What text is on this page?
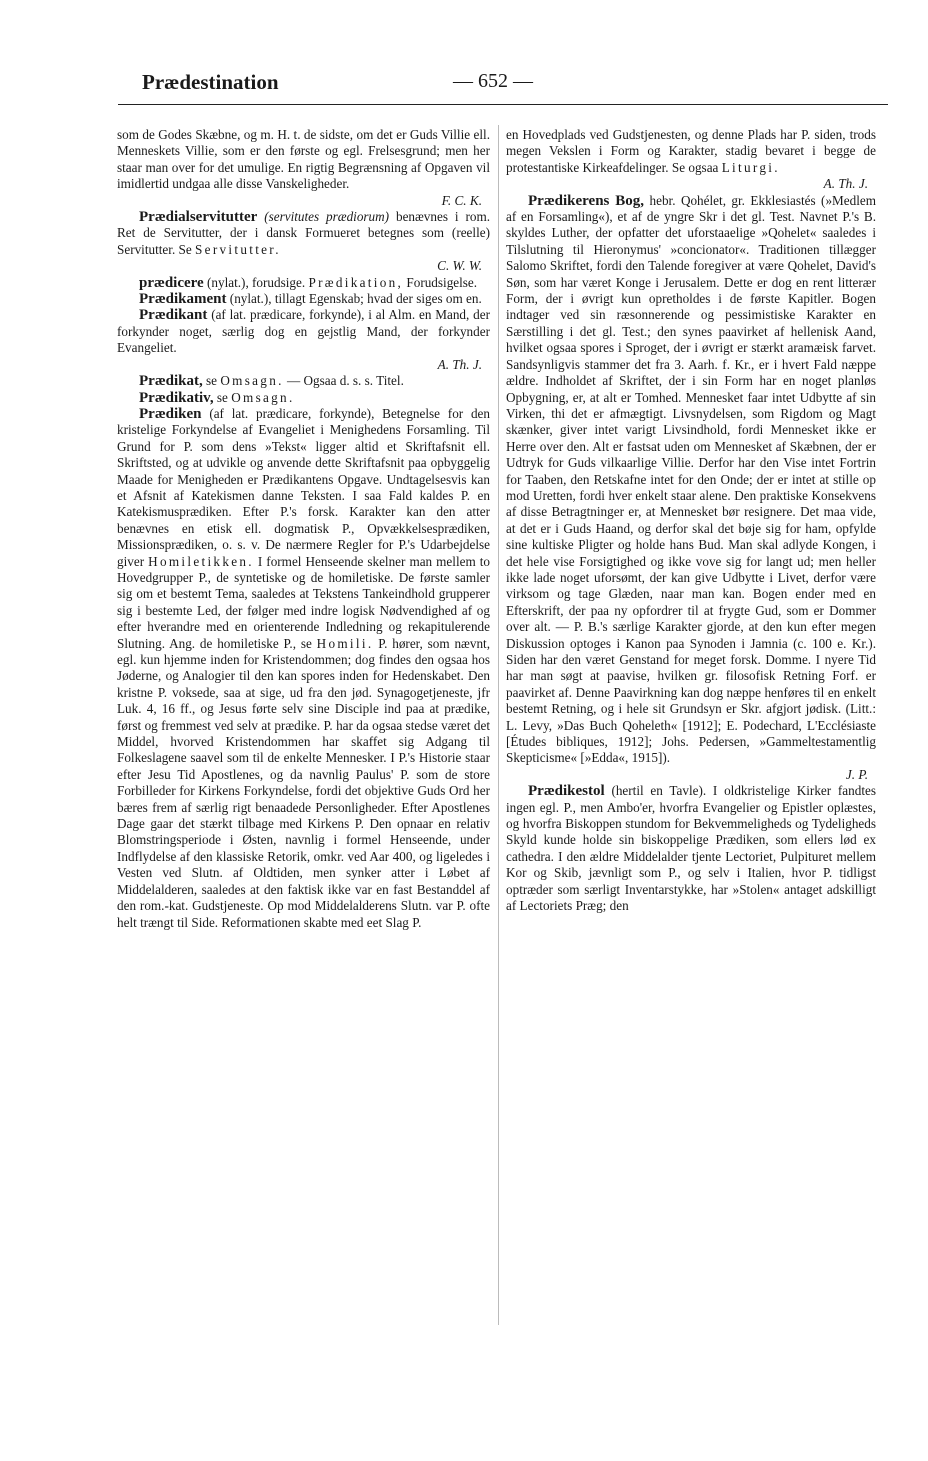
Prædestination	— 652 —

som de Godes Skæbne, og m. H. t. de sidste, om det er Guds Villie ell. Menneskets Villie, som er den første og egl. Frelsesgrund; men her staar man over for det umulige. En rigtig Begrænsning af Opgaven vil imidlertid undgaa alle disse Vanskeligheder.
F. C. K.

Prædialservitutter (servitutes prædiorum) benævnes i rom. Ret de Servitutter, der i dansk Formueret betegnes som (reelle) Servitutter. Se Servitutter.
C. W. W.

prædicere (nylat.), forudsige. Prædikation, Forudsigelse.

Prædikament (nylat.), tillagt Egenskab; hvad der siges om en.

Prædikant (af lat. prædicare, forkynde), i al Alm. en Mand, der forkynder noget, særlig dog en gejstlig Mand, der forkynder Evangeliet.
A. Th. J.

Prædikat, se Omsagn. — Ogsaa d. s. s. Titel.

Prædikativ, se Omsagn.

Prædiken (af lat. prædicare, forkynde), Betegnelse for den kristelige Forkyndelse af Evangeliet i Menighedens Forsamling. Til Grund for P. som dens »Tekst« ligger altid et Skriftafsnit ell. Skriftsted, og at udvikle og anvende dette Skriftafsnit paa opbyggelig Maade for Menigheden er Prædikantens Opgave. Undtagelsesvis kan et Afsnit af Katekismen danne Teksten. I saa Fald kaldes P. en Katekismusprædiken. Efter P.'s forsk. Karakter kan den atter benævnes en etisk ell. dogmatisk P., Opvækkelsesprædiken, Missionsprædiken, o. s. v. De nærmere Regler for P.'s Udarbejdelse giver Homiletikken. I formel Henseende skelner man mellem to Hovedgrupper P., de syntetiske og de homiletiske. De første samler sig om et bestemt Tema, saaledes at Tekstens Tankeindhold grupperer sig i bestemte Led, der følger med indre logisk Nødvendighed af og efter hverandre med en orienterende Indledning og rekapitulerende Slutning. Ang. de homiletiske P., se Homili. P. hører, som nævnt, egl. kun hjemme inden for Kristendommen; dog findes den ogsaa hos Jøderne, og Analogier til den kan spores inden for Hedenskabet. Den kristne P. voksede, saa at sige, ud fra den jød. Synagogetjeneste, jfr Luk. 4, 16 ff., og Jesus førte selv sine Disciple ind paa at prædike, først og fremmest ved selv at prædike. P. har da ogsaa stedse været det Middel, hvorved Kristendommen har skaffet sig Adgang til Folkeslagene saavel som til de enkelte Mennesker. I P.'s Historie staar efter Jesu Tid Apostlenes, og da navnlig Paulus' P. som de store Forbilleder for Kirkens Forkyndelse, fordi det objektive Guds Ord her bæres frem af særlig rigt benaadede Personligheder. Efter Apostlenes Dage gaar det stærkt tilbage med Kirkens P. Den opnaar en relativ Blomstringsperiode i Østen, navnlig i formel Henseende, under Indflydelse af den klassiske Retorik, omkr. ved Aar 400, og ligeledes i Vesten ved Slutn. af Oldtiden, men synker atter i Løbet af Middelalderen, saaledes at den faktisk ikke var en fast Bestanddel af den rom.-kat. Gudstjeneste. Op mod Middelalderens Slutn. var P. ofte helt trængt til Side. Reformationen skabte med eet Slag P.

en Hovedplads ved Gudstjenesten, og denne Plads har P. siden, trods megen Vekslen i Form og Karakter, stadig bevaret i begge de protestantiske Kirkeafdelinger. Se ogsaa Liturgi.
A. Th. J.

Prædikerens Bog, hebr. Qohélet, gr. Ekklesiastés (»Medlem af en Forsamling«), et af de yngre Skr i det gl. Test. Navnet P.'s B. skyldes Luther, der opfatter det uforstaaelige »Qohelet« saaledes i Tilslutning til Hieronymus' »concionator«. Traditionen tillægger Salomo Skriftet, fordi den Talende foregiver at være Qohelet, David's Søn, som har været Konge i Jerusalem. Dette er dog en rent litterær Form, der i øvrigt kun opretholdes i de første Kapitler. Bogen indtager ved sin ræsonnerende og pessimistiske Karakter en Særstilling i det gl. Test.; den synes paavirket af hellenisk Aand, hvilket ogsaa spores i Sproget, der i øvrigt er stærkt aramæisk farvet. Sandsynligvis stammer det fra 3. Aarh. f. Kr., er i hvert Fald næppe ældre. Indholdet af Skriftet, der i sin Form har en noget planløs Opbygning, er, at alt er Tomhed. Mennesket faar intet Udbytte af sin Virken, thi det er afmægtigt. Livsnydelsen, som Rigdom og Magt skænker, giver intet varigt Livsindhold, fordi Mennesket ikke er Herre over den. Alt er fastsat uden om Mennesket af Skæbnen, der er Udtryk for Guds vilkaarlige Villie. Derfor har den Vise intet Fortrin for Taaben, den Retskafne intet for den Onde; der er intet at stille op mod Uretten, fordi hver enkelt staar alene. Den praktiske Konsekvens af disse Betragtninger er, at Mennesket bør resignere. Det maa vide, at det er i Guds Haand, og derfor skal det bøje sig for ham, opfylde sine kultiske Pligter og holde hans Bud. Man skal adlyde Kongen, i det hele vise Forsigtighed og ikke vove sig for langt ud; men heller ikke lade noget uforsømt, der kan give Udbytte i Livet, derfor være virksom og tage Glæden, naar man kan. Bogen ender med en Efterskrift, der paa ny opfordrer til at frygte Gud, som er Dommer over alt. — P. B.'s særlige Karakter gjorde, at den kun efter megen Diskussion optoges i Kanon paa Synoden i Jamnia (c. 100 e. Kr.). Siden har den været Genstand for meget forsk. Domme. I nyere Tid har man søgt at paavise, hvilken gr. filosofisk Retning Forf. er paavirket af. Denne Paavirkning kan dog næppe henføres til en enkelt bestemt Retning, og i hele sit Grundsyn er Skr. afgjort jødisk. (Litt.: L. Levy, »Das Buch Qoheleth« [1912]; E. Podechard, L'Ecclésiaste [Études bibliques, 1912]; Johs. Pedersen, »Gammeltestamentlig Skepticisme« [»Edda«, 1915]).
J. P.

Prædikestol (hertil en Tavle). I oldkristelige Kirker fandtes ingen egl. P., men Ambo'er, hvorfra Evangelier og Epistler oplæstes, og hvorfra Biskoppen stundom for Bekvemmeligheds og Tydeligheds Skyld kunde holde sin biskoppelige Prædiken, som ellers lød ex cathedra. I den ældre Middelalder tjente Lectoriet, Pulpituret mellem Kor og Skib, jævnligt som P., og selv i Italien, hvor P. tidligst optræder som særligt Inventarstykke, har »Stolen« antaget adskilligt af Lectoriets Præg; den
